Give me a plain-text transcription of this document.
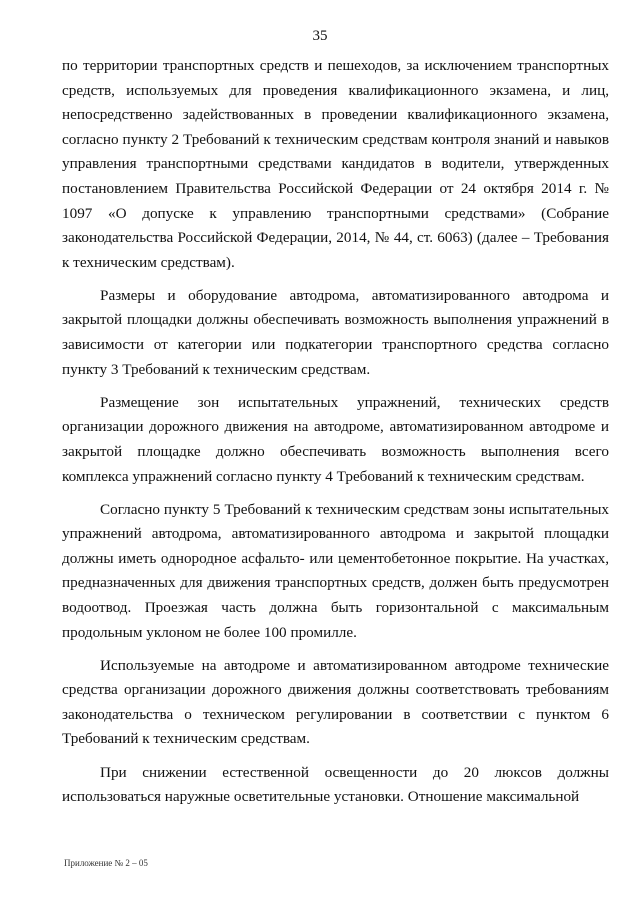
35

по территории транспортных средств и пешеходов, за исключением транспортных средств, используемых для проведения квалификационного экзамена, и лиц, непосредственно задействованных в проведении квалификационного экзамена, согласно пункту 2 Требований к техническим средствам контроля знаний и навыков управления транспортными средствами кандидатов в водители, утвержденных постановлением Правительства Российской Федерации от 24 октября 2014 г. № 1097 «О допуске к управлению транспортными средствами» (Собрание законодательства Российской Федерации, 2014, № 44, ст. 6063) (далее – Требования к техническим средствам).

Размеры и оборудование автодрома, автоматизированного автодрома и закрытой площадки должны обеспечивать возможность выполнения упражнений в зависимости от категории или подкатегории транспортного средства согласно пункту 3 Требований к техническим средствам.

Размещение зон испытательных упражнений, технических средств организации дорожного движения на автодроме, автоматизированном автодроме и закрытой площадке должно обеспечивать возможность выполнения всего комплекса упражнений согласно пункту 4 Требований к техническим средствам.

Согласно пункту 5 Требований к техническим средствам зоны испытательных упражнений автодрома, автоматизированного автодрома и закрытой площадки должны иметь однородное асфальто- или цементобетонное покрытие. На участках, предназначенных для движения транспортных средств, должен быть предусмотрен водоотвод. Проезжая часть должна быть горизонтальной с максимальным продольным уклоном не более 100 промилле.

Используемые на автодроме и автоматизированном автодроме технические средства организации дорожного движения должны соответствовать требованиям законодательства о техническом регулировании в соответствии с пунктом 6 Требований к техническим средствам.

При снижении естественной освещенности до 20 люксов должны использоваться наружные осветительные установки. Отношение максимальной

Приложение № 2 – 05
